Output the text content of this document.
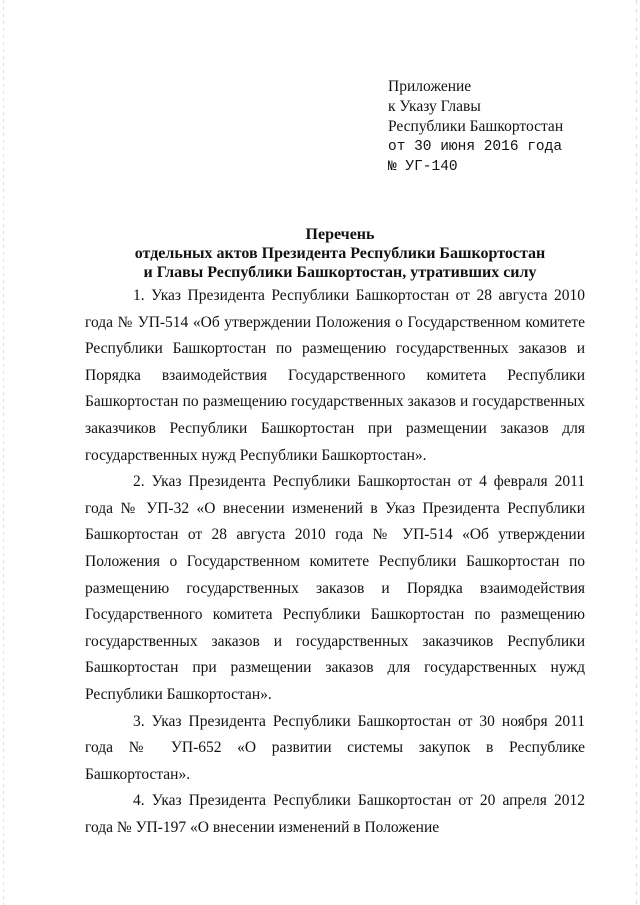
Приложение
к Указу Главы
Республики Башкортостан
от 30 июня 2016 года
№ УГ-140
Перечень
отдельных актов Президента Республики Башкортостан
и Главы Республики Башкортостан, утративших силу

1. Указ Президента Республики Башкортостан от 28 августа 2010 года № УП-514 «Об утверждении Положения о Государственном комитете Республики Башкортостан по размещению государственных заказов и Порядка взаимодействия Государственного комитета Республики Башкортостан по размещению государственных заказов и государственных заказчиков Республики Башкортостан при размещении заказов для государственных нужд Республики Башкортостан».

2. Указ Президента Республики Башкортостан от 4 февраля 2011 года № УП-32 «О внесении изменений в Указ Президента Республики Башкортостан от 28 августа 2010 года № УП-514 «Об утверждении Положения о Государственном комитете Республики Башкортостан по размещению государственных заказов и Порядка взаимодействия Государственного комитета Республики Башкортостан по размещению государственных заказов и государственных заказчиков Республики Башкортостан при размещении заказов для государственных нужд Республики Башкортостан».

3. Указ Президента Республики Башкортостан от 30 ноября 2011 года № УП-652 «О развитии системы закупок в Республике Башкортостан».

4. Указ Президента Республики Башкортостан от 20 апреля 2012 года № УП-197 «О внесении изменений в Положение
